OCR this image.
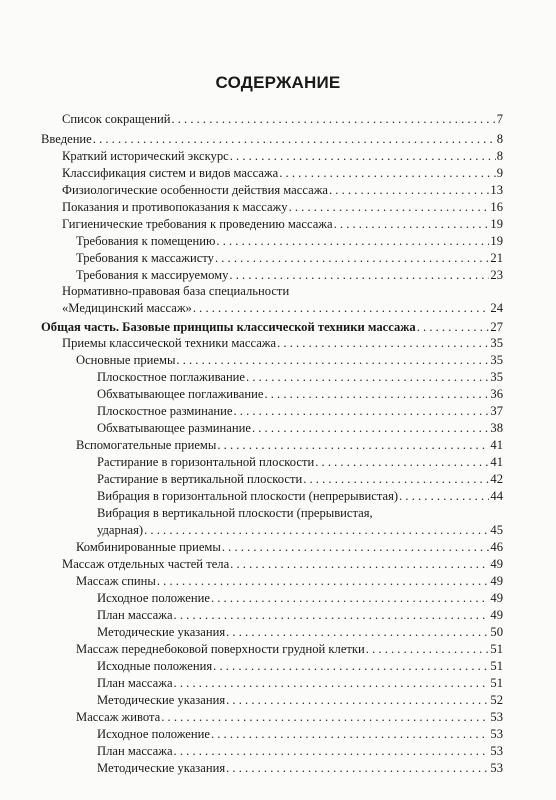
СОДЕРЖАНИЕ
Список сокращений . . .	7
Введение . . .	8
Краткий исторический экскурс . . .	8
Классификация систем и видов массажа . . .	9
Физиологические особенности действия массажа . . .	13
Показания и противопоказания к массажу . . .	16
Гигиенические требования к проведению массажа . . .	19
Требования к помещению . . .	19
Требования к массажисту . . .	21
Требования к массируемому . . .	23
Нормативно-правовая база специальности
«Медицинский массаж» . . .	24
Общая часть. Базовые принципы классической техники массажа . . .	27
Приемы классической техники массажа . . .	35
Основные приемы . . .	35
Плоскостное поглаживание . . .	35
Обхватывающее поглаживание . . .	36
Плоскостное разминание . . .	37
Обхватывающее разминание . . .	38
Вспомогательные приемы . . .	41
Растирание в горизонтальной плоскости . . .	41
Растирание в вертикальной плоскости . . .	42
Вибрация в горизонтальной плоскости (непрерывистая) . . .	44
Вибрация в вертикальной плоскости (прерывистая,
ударная) . . .	45
Комбинированные приемы . . .	46
Массаж отдельных частей тела . . .	49
Массаж спины . . .	49
Исходное положение . . .	49
План массажа . . .	49
Методические указания . . .	50
Массаж переднебоковой поверхности грудной клетки . . .	51
Исходные положения . . .	51
План массажа . . .	51
Методические указания . . .	52
Массаж живота . . .	53
Исходное положение . . .	53
План массажа . . .	53
Методические указания . . .	53
